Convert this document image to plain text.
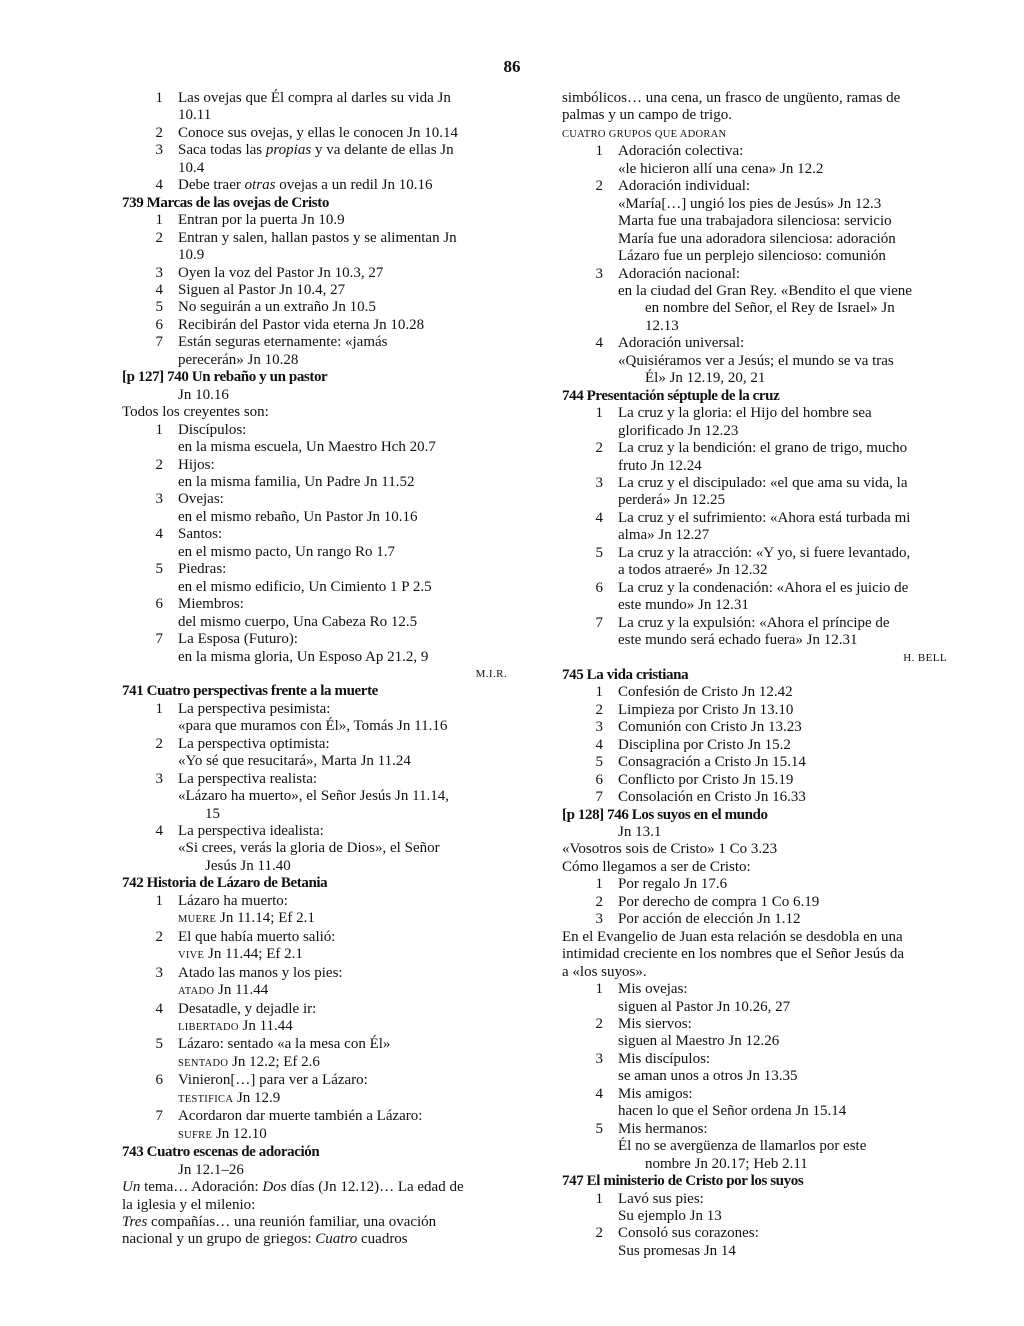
86
1 Las ovejas que Él compra al darles su vida Jn
10.11
2 Conoce sus ovejas, y ellas le conocen Jn 10.14
3 Saca todas las propias y va delante de ellas Jn
10.4
4 Debe traer otras ovejas a un redil Jn 10.16
739 Marcas de las ovejas de Cristo
1 Entran por la puerta Jn 10.9
2 Entran y salen, hallan pastos y se alimentan Jn
10.9
3 Oyen la voz del Pastor Jn 10.3, 27
4 Siguen al Pastor Jn 10.4, 27
5 No seguirán a un extraño Jn 10.5
6 Recibirán del Pastor vida eterna Jn 10.28
7 Están seguras eternamente: «jamás
perecerán» Jn 10.28
[p 127] 740 Un rebaño y un pastor
Jn 10.16
Todos los creyentes son:
1 Discípulos:
en la misma escuela, Un Maestro Hch 20.7
2 Hijos:
en la misma familia, Un Padre Jn 11.52
3 Ovejas:
en el mismo rebaño, Un Pastor Jn 10.16
4 Santos:
en el mismo pacto, Un rango Ro 1.7
5 Piedras:
en el mismo edificio, Un Cimiento 1 P 2.5
6 Miembros:
del mismo cuerpo, Una Cabeza Ro 12.5
7 La Esposa (Futuro):
en la misma gloria, Un Esposo Ap 21.2, 9
M.I.R.
741 Cuatro perspectivas frente a la muerte
1 La perspectiva pesimista:
«para que muramos con Él», Tomás Jn 11.16
2 La perspectiva optimista:
«Yo sé que resucitará», Marta Jn 11.24
3 La perspectiva realista:
«Lázaro ha muerto», el Señor Jesús Jn 11.14,
15
4 La perspectiva idealista:
«Si crees, verás la gloria de Dios», el Señor
Jesús Jn 11.40
742 Historia de Lázaro de Betania
1 Lázaro ha muerto:
MUERE Jn 11.14; Ef 2.1
2 El que había muerto salió:
VIVE Jn 11.44; Ef 2.1
3 Atado las manos y los pies:
ATADO Jn 11.44
4 Desatadle, y dejadle ir:
LIBERTADO Jn 11.44
5 Lázaro: sentado «a la mesa con Él»
SENTADO Jn 12.2; Ef 2.6
6 Vinieron[…] para ver a Lázaro:
TESTIFICA Jn 12.9
7 Acordaron dar muerte también a Lázaro:
SUFRE Jn 12.10
743 Cuatro escenas de adoración
Jn 12.1–26
Un tema… Adoración: Dos días (Jn 12.12)… La edad de
la iglesia y el milenio:
Tres compañías… una reunión familiar, una ovación
nacional y un grupo de griegos: Cuatro cuadros
simbólicos… una cena, un frasco de ungüento, ramas de
palmas y un campo de trigo.
CUATRO GRUPOS QUE ADORAN
1 Adoración colectiva:
«le hicieron allí una cena» Jn 12.2
2 Adoración individual:
«María[…] ungió los pies de Jesús» Jn 12.3
Marta fue una trabajadora silenciosa: servicio
María fue una adoradora silenciosa: adoración
Lázaro fue un perplejo silencioso: comunión
3 Adoración nacional:
en la ciudad del Gran Rey. «Bendito el que viene
en nombre del Señor, el Rey de Israel» Jn
12.13
4 Adoración universal:
«Quisiéramos ver a Jesús; el mundo se va tras
Él» Jn 12.19, 20, 21
744 Presentación séptuple de la cruz
1 La cruz y la gloria: el Hijo del hombre sea
glorificado Jn 12.23
2 La cruz y la bendición: el grano de trigo, mucho
fruto Jn 12.24
3 La cruz y el discipulado: «el que ama su vida, la
perderá» Jn 12.25
4 La cruz y el sufrimiento: «Ahora está turbada mi
alma» Jn 12.27
5 La cruz y la atracción: «Y yo, si fuere levantado,
a todos atraeré» Jn 12.32
6 La cruz y la condenación: «Ahora el es juicio de
este mundo» Jn 12.31
7 La cruz y la expulsión: «Ahora el príncipe de
este mundo será echado fuera» Jn 12.31
H. BELL
745 La vida cristiana
1 Confesión de Cristo Jn 12.42
2 Limpieza por Cristo Jn 13.10
3 Comunión con Cristo Jn 13.23
4 Disciplina por Cristo Jn 15.2
5 Consagración a Cristo Jn 15.14
6 Conflicto por Cristo Jn 15.19
7 Consolación en Cristo Jn 16.33
[p 128] 746 Los suyos en el mundo
Jn 13.1
«Vosotros sois de Cristo» 1 Co 3.23
Cómo llegamos a ser de Cristo:
1 Por regalo Jn 17.6
2 Por derecho de compra 1 Co 6.19
3 Por acción de elección Jn 1.12
En el Evangelio de Juan esta relación se desdobla en una
intimidad creciente en los nombres que el Señor Jesús da
a «los suyos».
1 Mis ovejas:
siguen al Pastor Jn 10.26, 27
2 Mis siervos:
siguen al Maestro Jn 12.26
3 Mis discípulos:
se aman unos a otros Jn 13.35
4 Mis amigos:
hacen lo que el Señor ordena Jn 15.14
5 Mis hermanos:
Él no se avergüenza de llamarlos por este
nombre Jn 20.17; Heb 2.11
747 El ministerio de Cristo por los suyos
1 Lavó sus pies:
Su ejemplo Jn 13
2 Consoló sus corazones:
Sus promesas Jn 14
